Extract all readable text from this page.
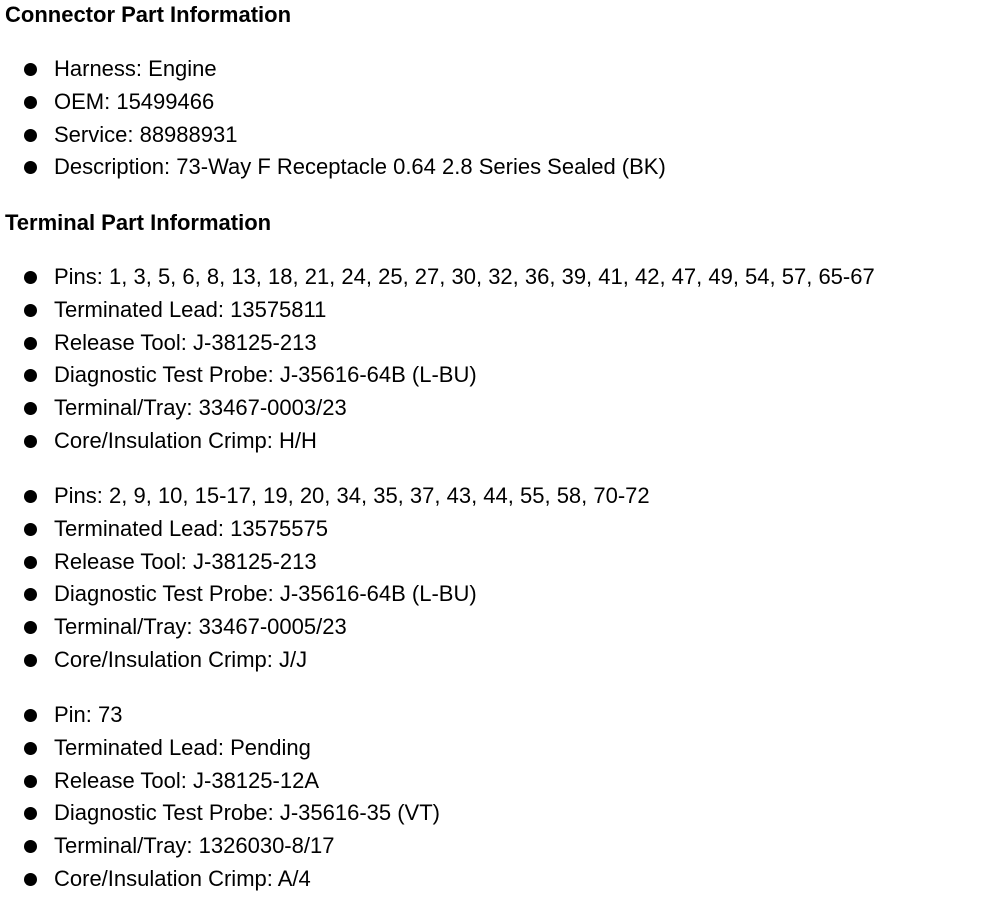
Connector Part Information
Harness: Engine
OEM: 15499466
Service: 88988931
Description: 73-Way F Receptacle 0.64 2.8 Series Sealed (BK)
Terminal Part Information
Pins: 1, 3, 5, 6, 8, 13, 18, 21, 24, 25, 27, 30, 32, 36, 39, 41, 42, 47, 49, 54, 57, 65-67
Terminated Lead: 13575811
Release Tool: J-38125-213
Diagnostic Test Probe: J-35616-64B (L-BU)
Terminal/Tray: 33467-0003/23
Core/Insulation Crimp: H/H
Pins: 2, 9, 10, 15-17, 19, 20, 34, 35, 37, 43, 44, 55, 58, 70-72
Terminated Lead: 13575575
Release Tool: J-38125-213
Diagnostic Test Probe: J-35616-64B (L-BU)
Terminal/Tray: 33467-0005/23
Core/Insulation Crimp: J/J
Pin: 73
Terminated Lead: Pending
Release Tool: J-38125-12A
Diagnostic Test Probe: J-35616-35 (VT)
Terminal/Tray: 1326030-8/17
Core/Insulation Crimp: A/4
